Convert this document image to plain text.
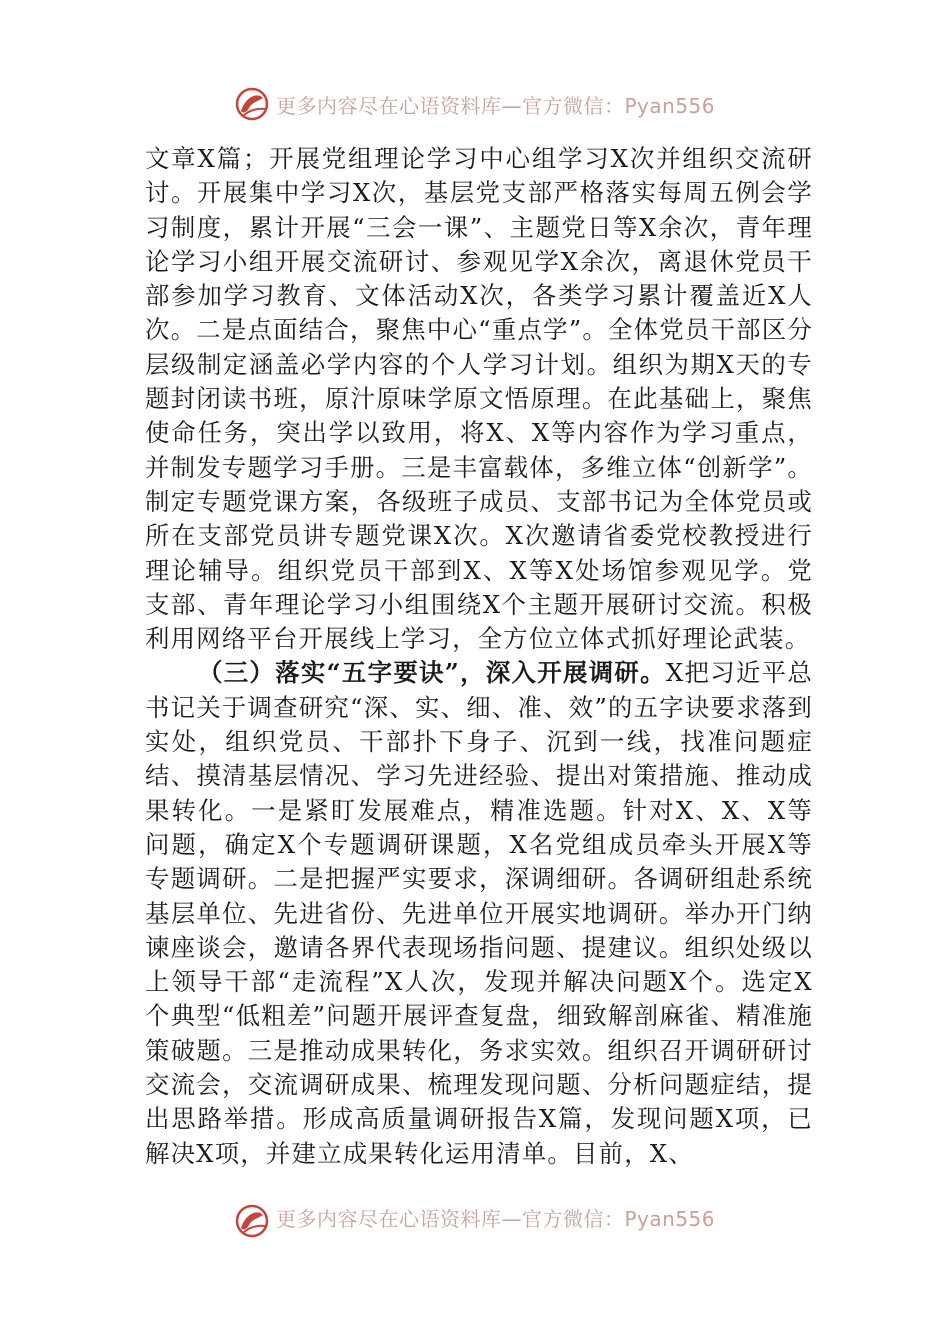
更多内容尽在心语资料库—官方微信：Pyan556

文章X篇；开展党组理论学习中心组学习X次并组织交流研讨。开展集中学习X次，基层党支部严格落实每周五例会学习制度，累计开展“三会一课”、主题党日等X余次，青年理论学习小组开展交流研讨、参观见学X余次，离退休党员干部参加学习教育、文体活动X次，各类学习累计覆盖近X人次。二是点面结合，聚焦中心“重点学”。全体党员干部区分层级制定涵盖必学内容的个人学习计划。组织为期X天的专题封闭读书班，原汁原味学原文悟原理。在此基础上，聚焦使命任务，突出学以致用，将X、X等内容作为学习重点，并制发专题学习手册。三是丰富载体，多维立体“创新学”。制定专题党课方案，各级班子成员、支部书记为全体党员或所在支部党员讲专题党课X次。X次邀请省委党校教授进行理论辅导。组织党员干部到X、X等X处场馆参观见学。党支部、青年理论学习小组围绕X个主题开展研讨交流。积极利用网络平台开展线上学习，全方位立体式抓好理论武装。

（三）落实“五字要诀”，深入开展调研。X把习近平总书记关于调查研究“深、实、细、准、效”的五字诀要求落到实处，组织党员、干部扑下身子、沉到一线，找准问题症结、摸清基层情况、学习先进经验、提出对策措施、推动成果转化。一是紧盯发展难点，精准选题。针对X、X、X等问题，确定X个专题调研课题，X名党组成员牵头开展X等专题调研。二是把握严实要求，深调细研。各调研组赴系统基层单位、先进省份、先进单位开展实地调研。举办开门纳谏座谈会，邀请各界代表现场指问题、提建议。组织处级以上领导干部“走流程”X人次，发现并解决问题X个。选定X个典型“低粗差”问题开展评查复盘，细致解剖麻雀、精准施策破题。三是推动成果转化，务求实效。组织召开调研研讨交流会，交流调研成果、梳理发现问题、分析问题症结，提出思路举措。形成高质量调研报告X篇，发现问题X项，已解决X项，并建立成果转化运用清单。目前，X、

更多内容尽在心语资料库—官方微信：Pyan556
